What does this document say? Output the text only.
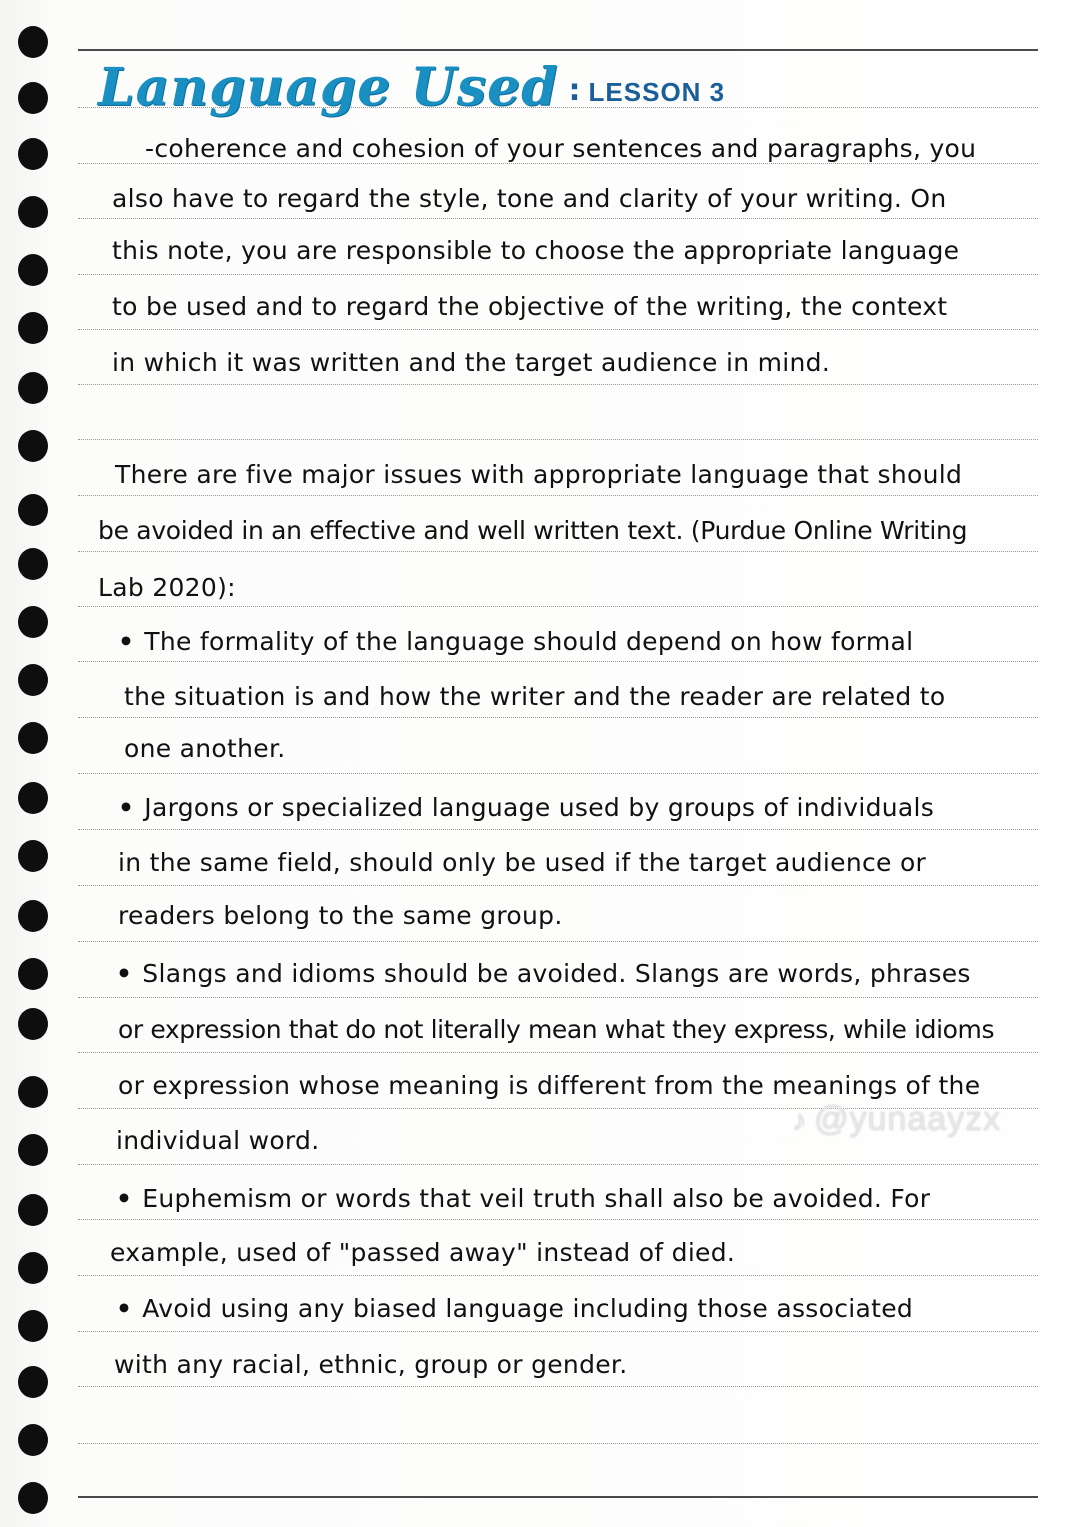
Language Used : LESSON 3
-coherence and cohesion of your sentences and paragraphs, you
also have to regard the style, tone and clarity of your writing. On
this note, you are responsible to choose the appropriate language
to be used and to regard the objective of the writing, the context
in which it was written and the target audience in mind.
There are five major issues with appropriate language that should
be avoided in an effective and well written text. (Purdue Online Writing
Lab 2020):
• The formality of the language should depend on how formal
the situation is and how the writer and the reader are related to
one another.
• Jargons or specialized language used by groups of individuals
in the same field, should only be used if the target audience or
readers belong to the same group.
• Slangs and idioms should be avoided. Slangs are words, phrases
or expression that do not literally mean what they express, while idioms
or expression whose meaning is different from the meanings of the
individual word.
• Euphemism or words that veil truth shall also be avoided. For
example, used of "passed away" instead of died.
• Avoid using any biased language including those associated
with any racial, ethnic, group or gender.
♪ @yunaayzx
